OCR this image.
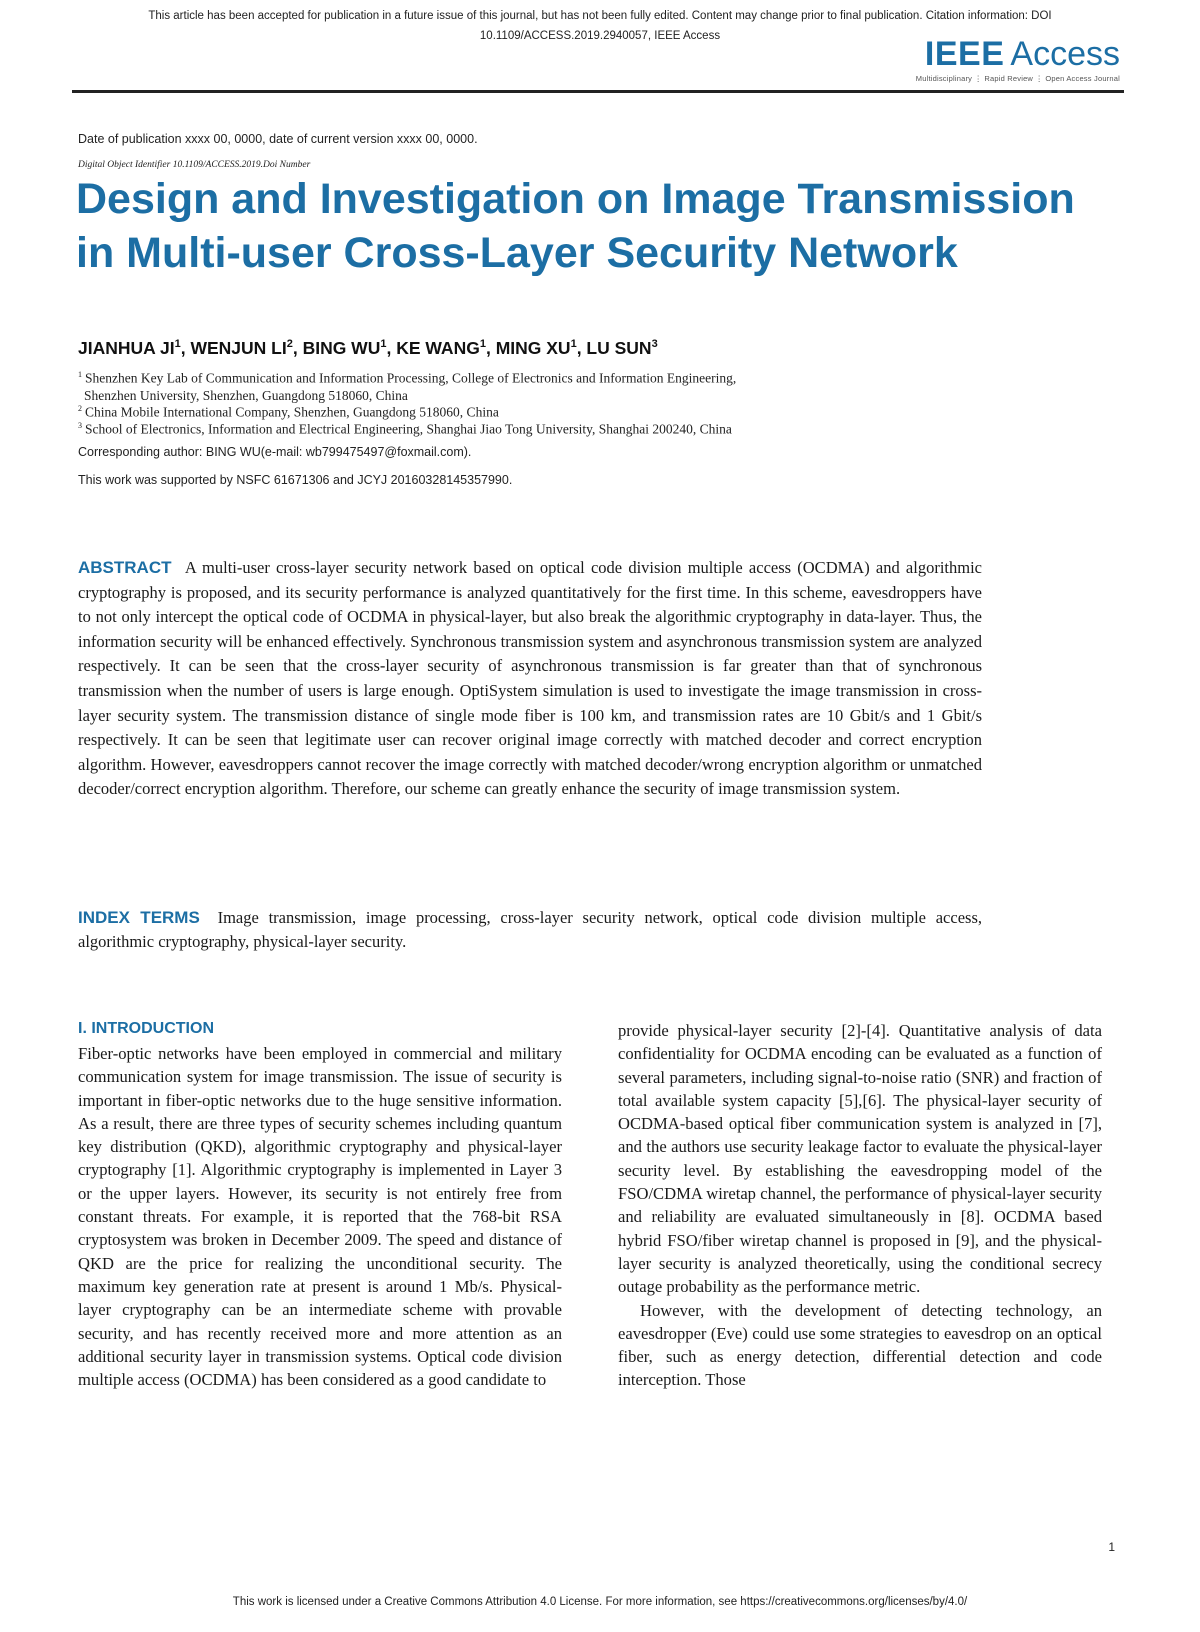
This article has been accepted for publication in a future issue of this journal, but has not been fully edited. Content may change prior to final publication. Citation information: DOI
10.1109/ACCESS.2019.2940057, IEEE Access	IEEE Access
Multidisciplinary ⋮ Rapid Review ⋮ Open Access Journal
Date of publication xxxx 00, 0000, date of current version xxxx 00, 0000.
Digital Object Identifier 10.1109/ACCESS.2019.Doi Number
Design and Investigation on Image Transmission in Multi-user Cross-Layer Security Network
JIANHUA $JI^1$, WENJUN $LI^2$, BING $WU^1$, KE WANG$^1$, MING $XU^1$, LU SUN$^3$
$^1$ Shenzhen Key Lab of Communication and Information Processing, College of Electronics and Information Engineering,
Shenzhen University, Shenzhen, Guangdong 518060, China
$^2$ China Mobile International Company, Shenzhen, Guangdong 518060, China
$^3$ School of Electronics, Information and Electrical Engineering, Shanghai Jiao Tong University, Shanghai 200240, China
Corresponding author: BING WU(e-mail: wb799475497@foxmail.com).
This work was supported by NSFC 61671306 and JCYJ 20160328145357990.

ABSTRACT A multi-user cross-layer security network based on optical code division multiple access (OCDMA) and algorithmic cryptography is proposed, and its security performance is analyzed quantitatively for the first time. In this scheme, eavesdroppers have to not only intercept the optical code of OCDMA in physical-layer, but also break the algorithmic cryptography in data-layer. Thus, the information security will be enhanced effectively. Synchronous transmission system and asynchronous transmission system are analyzed respectively. It can be seen that the cross-layer security of asynchronous transmission is far greater than that of synchronous transmission when the number of users is large enough. OptiSystem simulation is used to investigate the image transmission in cross-layer security system. The transmission distance of single mode fiber is 100 km, and transmission rates are 10 Gbit/s and 1 Gbit/s respectively. It can be seen that legitimate user can recover original image correctly with matched decoder and correct encryption algorithm. However, eavesdroppers cannot recover the image correctly with matched decoder/wrong encryption algorithm or unmatched decoder/correct encryption algorithm. Therefore, our scheme can greatly enhance the security of image transmission system.

INDEX TERMS Image transmission, image processing, cross-layer security network, optical code division multiple access, algorithmic cryptography, physical-layer security.

I. INTRODUCTION

Fiber-optic networks have been employed in commercial and military communication system for image transmission. The issue of security is important in fiber-optic networks due to the huge sensitive information. As a result, there are three types of security schemes including quantum key distribution (QKD), algorithmic cryptography and physical-layer cryptography [1]. Algorithmic cryptography is implemented in Layer 3 or the upper layers. However, its security is not entirely free from constant threats. For example, it is reported that the 768-bit RSA cryptosystem was broken in December 2009. The speed and distance of QKD are the price for realizing the unconditional security. The maximum key generation rate at present is around 1 Mb/s. Physical-layer cryptography can be an intermediate scheme with provable security, and has recently received more and more attention as an additional security layer in transmission systems. Optical code division multiple access (OCDMA) has been considered as a good candidate to

provide physical-layer security [2]-[4]. Quantitative analysis of data confidentiality for OCDMA encoding can be evaluated as a function of several parameters, including signal-to-noise ratio (SNR) and fraction of total available system capacity [5],[6]. The physical-layer security of OCDMA-based optical fiber communication system is analyzed in [7], and the authors use security leakage factor to evaluate the physical-layer security level. By establishing the eavesdropping model of the FSO/CDMA wiretap channel, the performance of physical-layer security and reliability are evaluated simultaneously in [8]. OCDMA based hybrid FSO/fiber wiretap channel is proposed in [9], and the physical-layer security is analyzed theoretically, using the conditional secrecy outage probability as the performance metric.

However, with the development of detecting technology, an eavesdropper (Eve) could use some strategies to eavesdrop on an optical fiber, such as energy detection, differential detection and code interception. Those

1
This work is licensed under a Creative Commons Attribution 4.0 License. For more information, see https://creativecommons.org/licenses/by/4.0/
